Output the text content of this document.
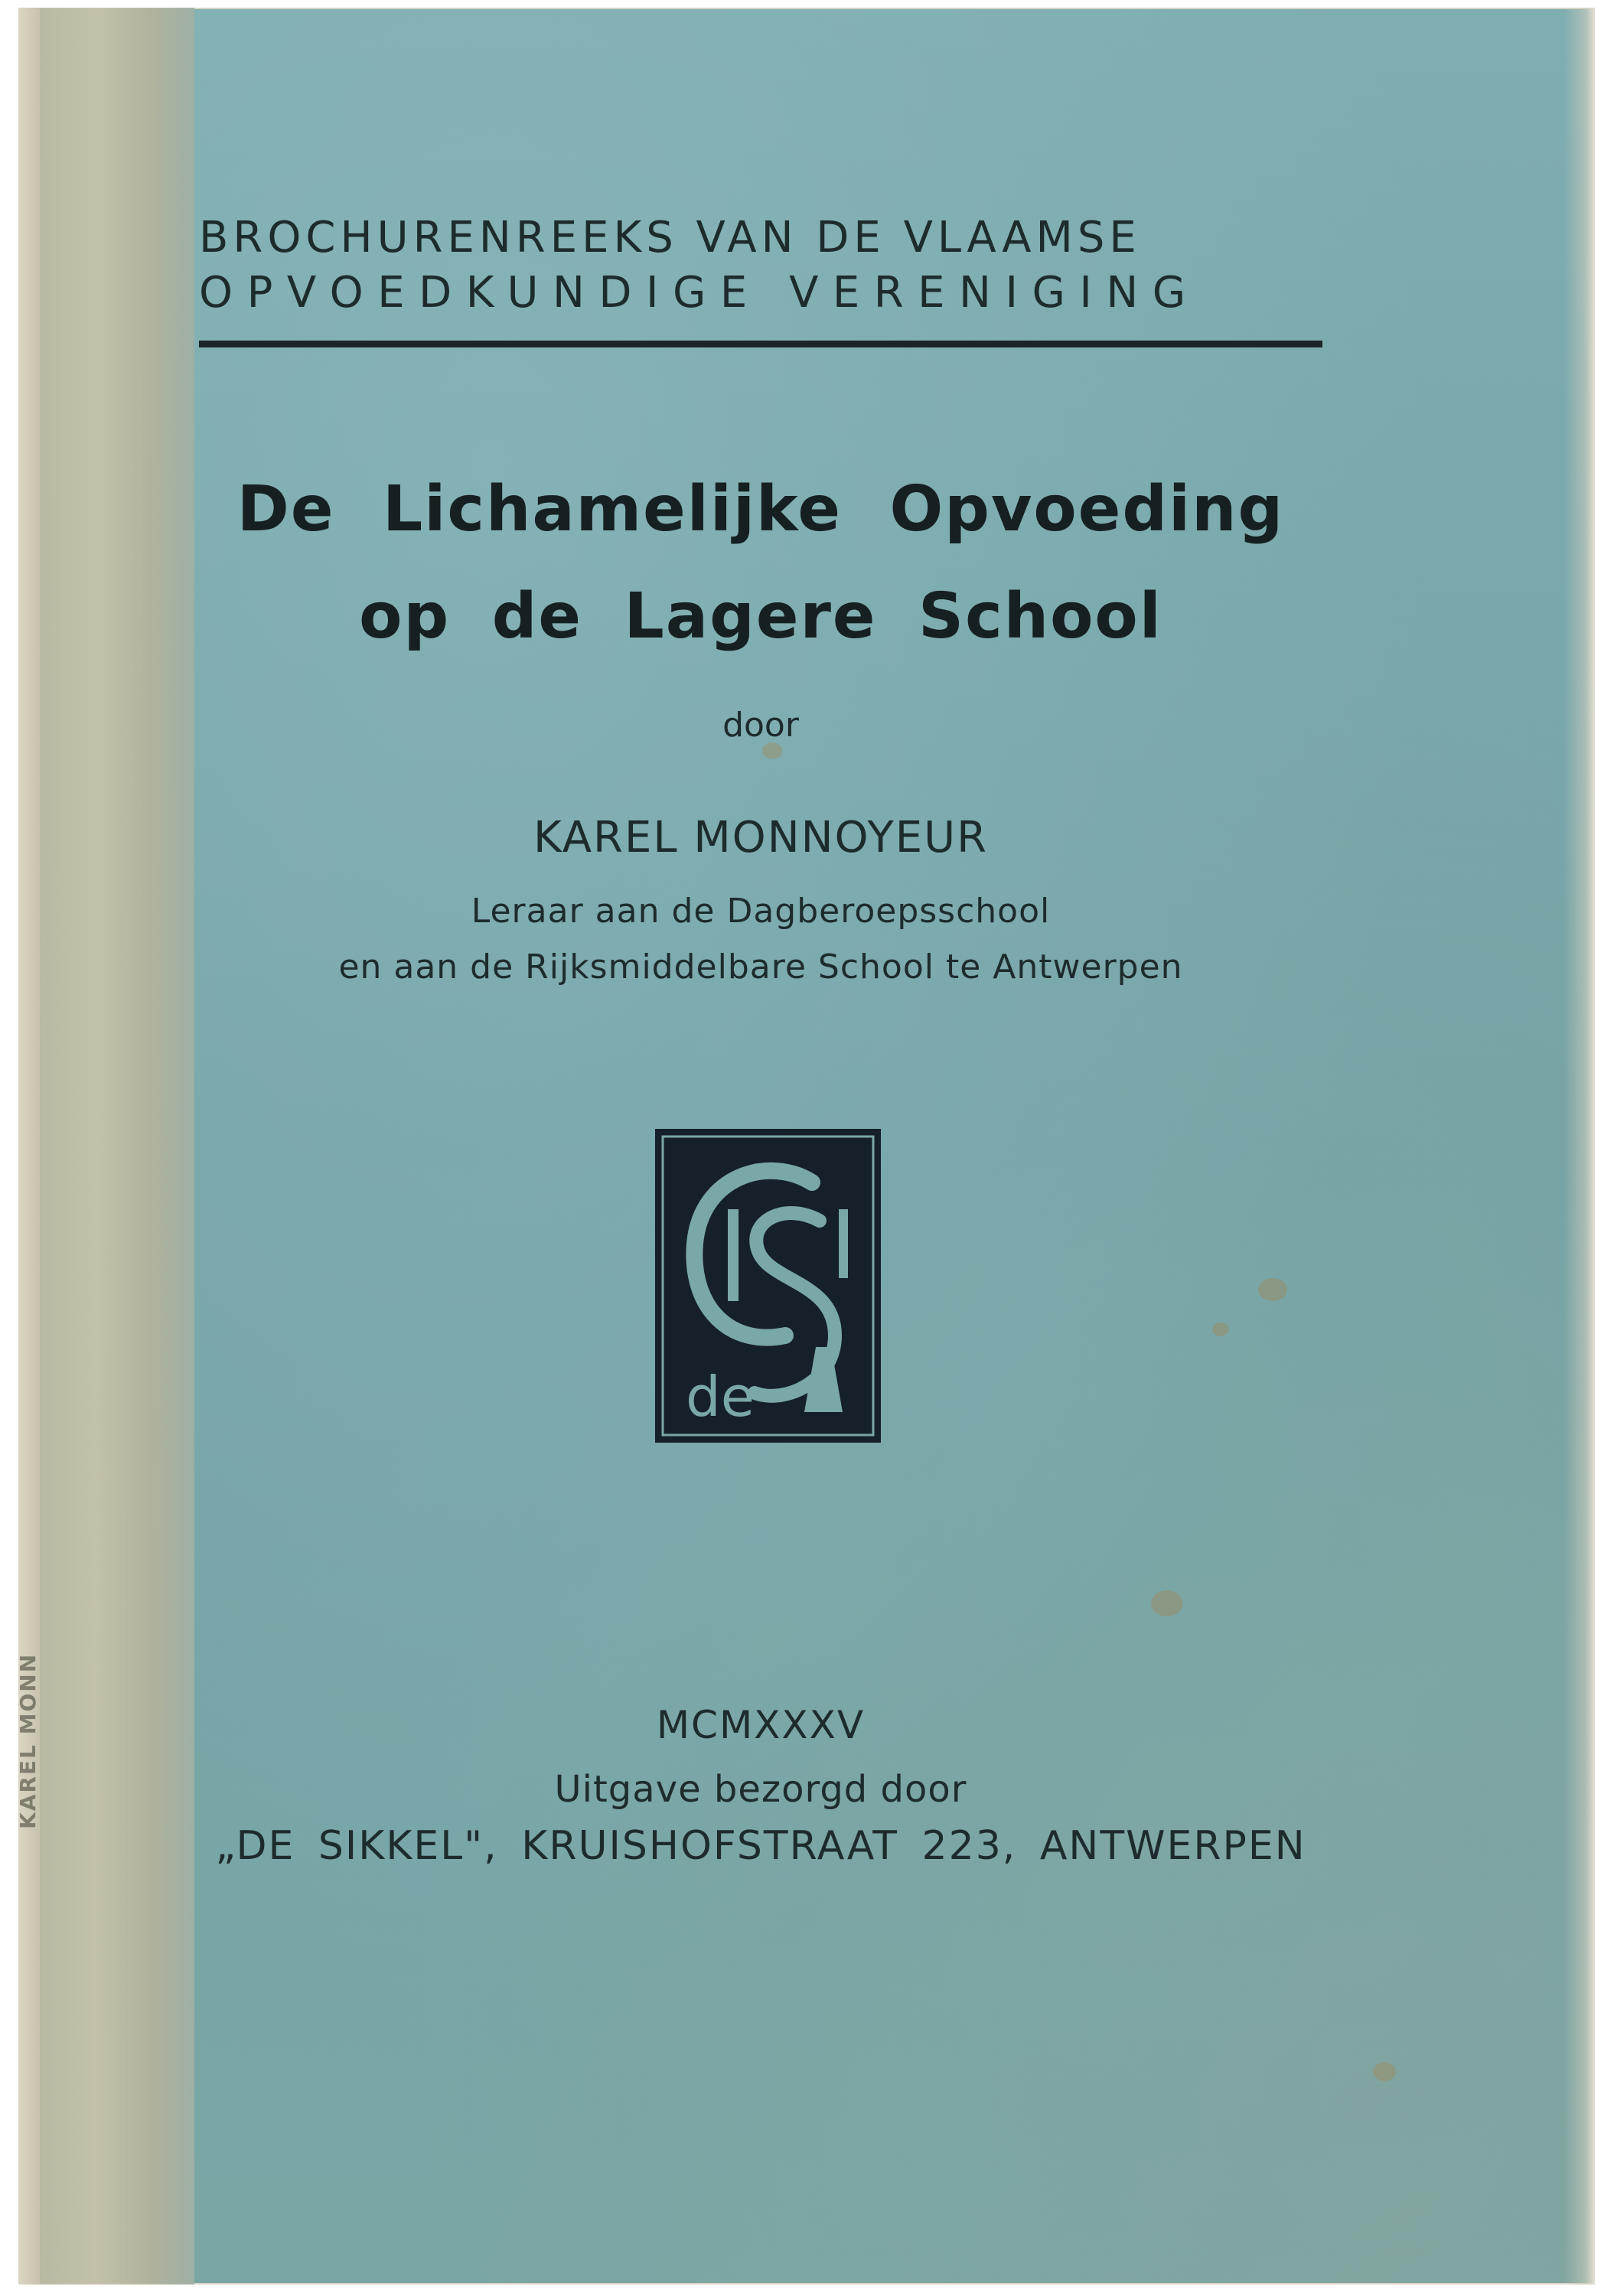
KAREL MONN
BROCHURENREEKS VAN DE VLAAMSE
OPVOEDKUNDIGE VERENIGING
De Lichamelijke Opvoeding
op de Lagere School
door
KAREL MONNOYEUR
Leraar aan de Dagberoepsschool
en aan de Rijksmiddelbare School te Antwerpen
de
MCMXXXV
Uitgave bezorgd door
„DE SIKKEL", KRUISHOFSTRAAT 223, ANTWERPEN
